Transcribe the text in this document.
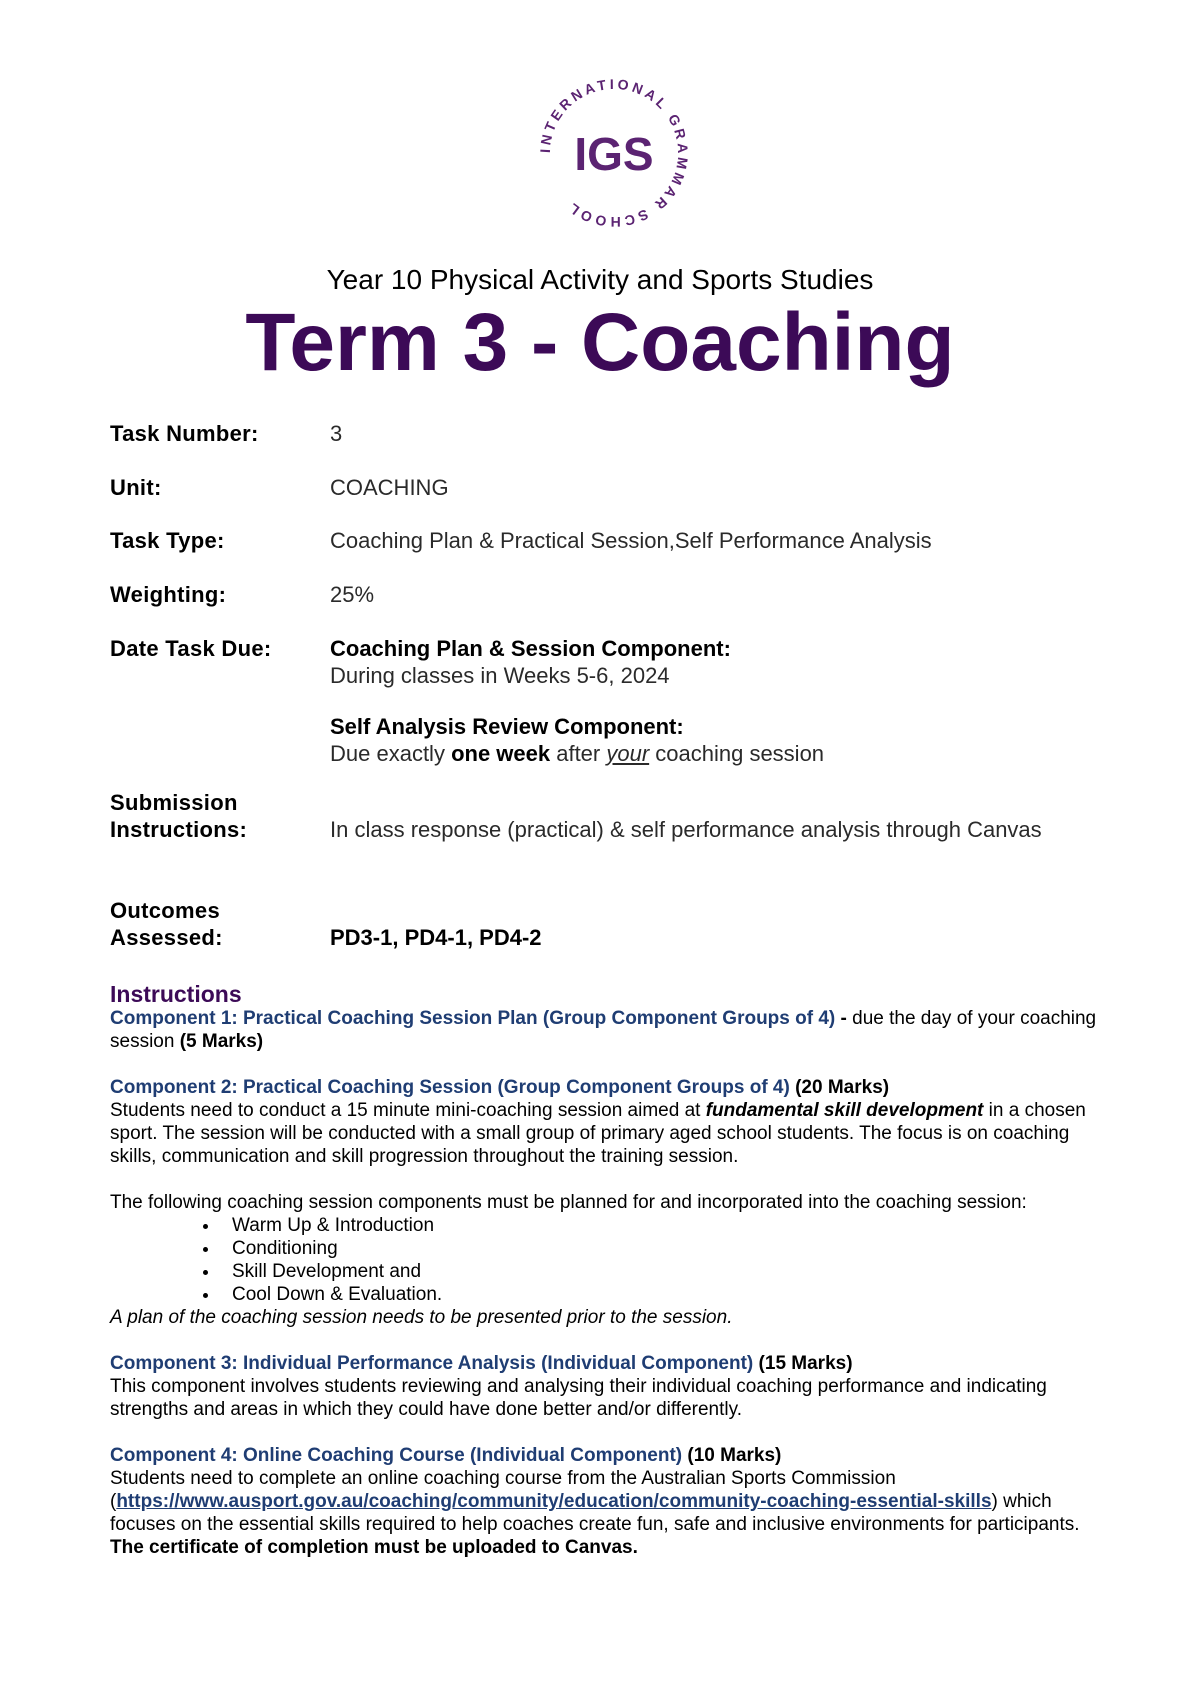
INTERNATIONAL GRAMMAR SCHOOL
IGS
Year 10 Physical Activity and Sports Studies
Term 3 - Coaching
Task Number:	3
Unit:	COACHING
Task Type:	Coaching Plan & Practical Session,Self Performance Analysis
Weighting:	25%
Date Task Due:	Coaching Plan & Session Component:
During classes in Weeks 5-6, 2024
Self Analysis Review Component:
Due exactly one week after your coaching session
Submission
Instructions:	In class response (practical) & self performance analysis through Canvas
Outcomes
Assessed:	PD3-1, PD4-1, PD4-2
Instructions

Component 1: Practical Coaching Session Plan (Group Component Groups of 4) - due the day of your coaching session (5 Marks)

Component 2: Practical Coaching Session (Group Component Groups of 4) (20 Marks)

Students need to conduct a 15 minute mini-coaching session aimed at fundamental skill development in a chosen sport. The session will be conducted with a small group of primary aged school students. The focus is on coaching skills, communication and skill progression throughout the training session.

The following coaching session components must be planned for and incorporated into the coaching session:

• Warm Up & Introduction
• Conditioning
• Skill Development and
• Cool Down & Evaluation.

A plan of the coaching session needs to be presented prior to the session.

Component 3: Individual Performance Analysis (Individual Component) (15 Marks)

This component involves students reviewing and analysing their individual coaching performance and indicating strengths and areas in which they could have done better and/or differently.

Component 4: Online Coaching Course (Individual Component) (10 Marks)

Students need to complete an online coaching course from the Australian Sports Commission (https://www.ausport.gov.au/coaching/community/education/community-coaching-essential-skills) which focuses on the essential skills required to help coaches create fun, safe and inclusive environments for participants. The certificate of completion must be uploaded to Canvas.
